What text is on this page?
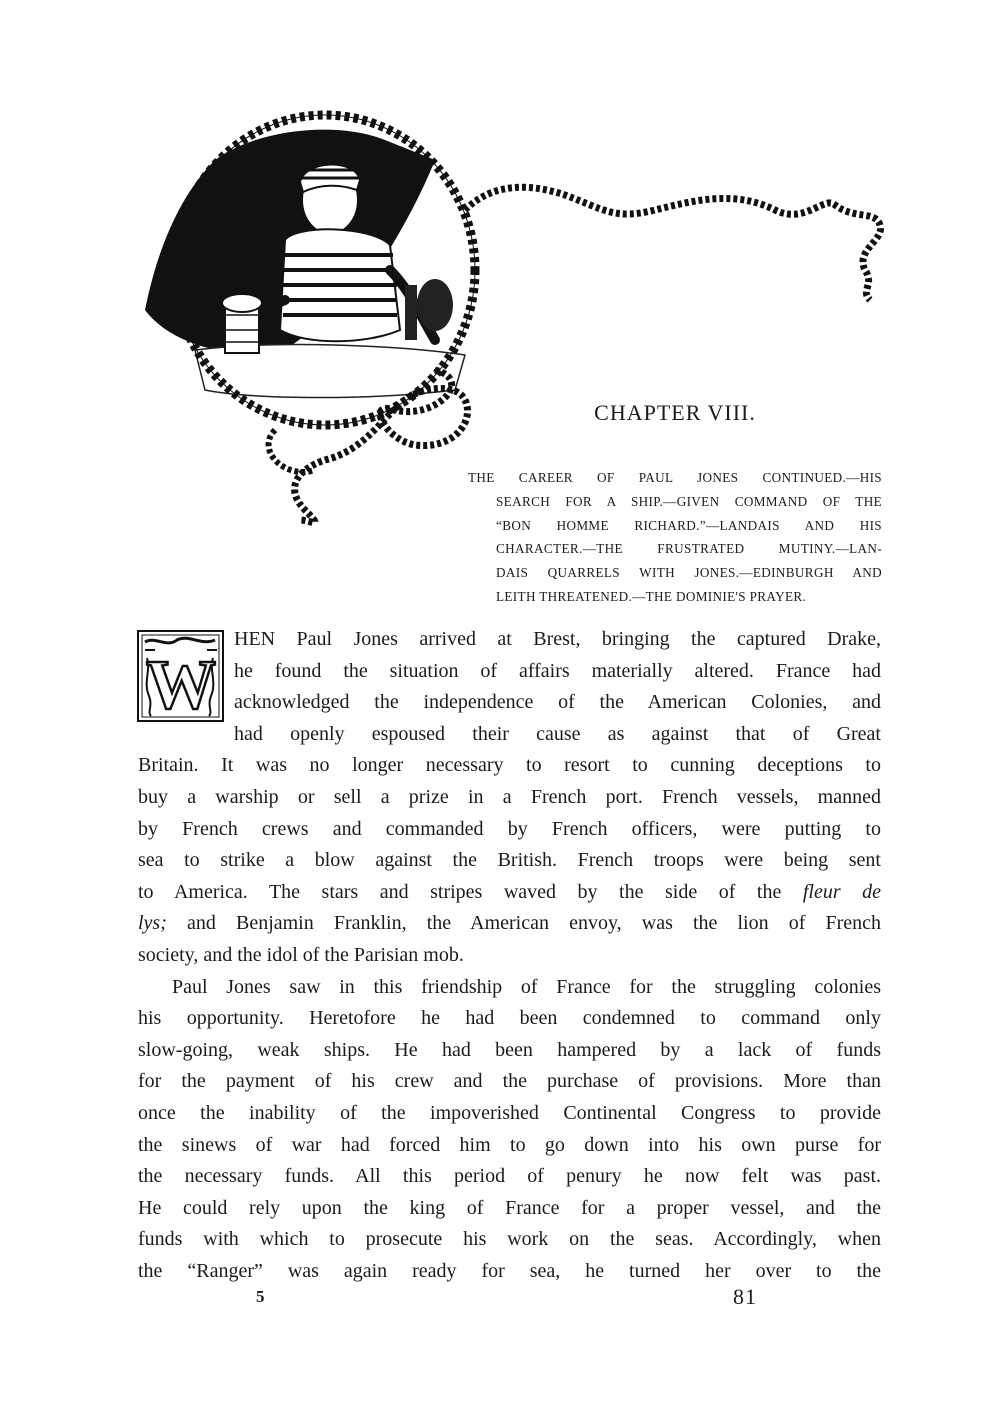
CHAPTER VIII.
THE CAREER OF PAUL JONES CONTINUED.—HIS
SEARCH FOR A SHIP.—GIVEN COMMAND OF THE
“BON HOMME RICHARD.”—LANDAIS AND HIS
CHARACTER.—THE FRUSTRATED MUTINY.—LAN-
DAIS QUARRELS WITH JONES.—EDINBURGH AND
LEITH THREATENED.—THE DOMINIE'S PRAYER.
W

HEN Paul Jones arrived at Brest, bringing the captured Drake,
he found the situation of affairs materially altered. France had
acknowledged the independence of the American Colonies, and
had openly espoused their cause as against that of Great
Britain. It was no longer necessary to resort to cunning deceptions to
buy a warship or sell a prize in a French port. French vessels, manned
by French crews and commanded by French officers, were putting to
sea to strike a blow against the British. French troops were being sent
to America. The stars and stripes waved by the side of the fleur de
lys; and Benjamin Franklin, the American envoy, was the lion of French
society, and the idol of the Parisian mob.

Paul Jones saw in this friendship of France for the struggling colonies
his opportunity. Heretofore he had been condemned to command only
slow-going, weak ships. He had been hampered by a lack of funds
for the payment of his crew and the purchase of provisions. More than
once the inability of the impoverished Continental Congress to provide
the sinews of war had forced him to go down into his own purse for
the necessary funds. All this period of penury he now felt was past.
He could rely upon the king of France for a proper vessel, and the
funds with which to prosecute his work on the seas. Accordingly, when
the “Ranger” was again ready for sea, he turned her over to the

5	81
